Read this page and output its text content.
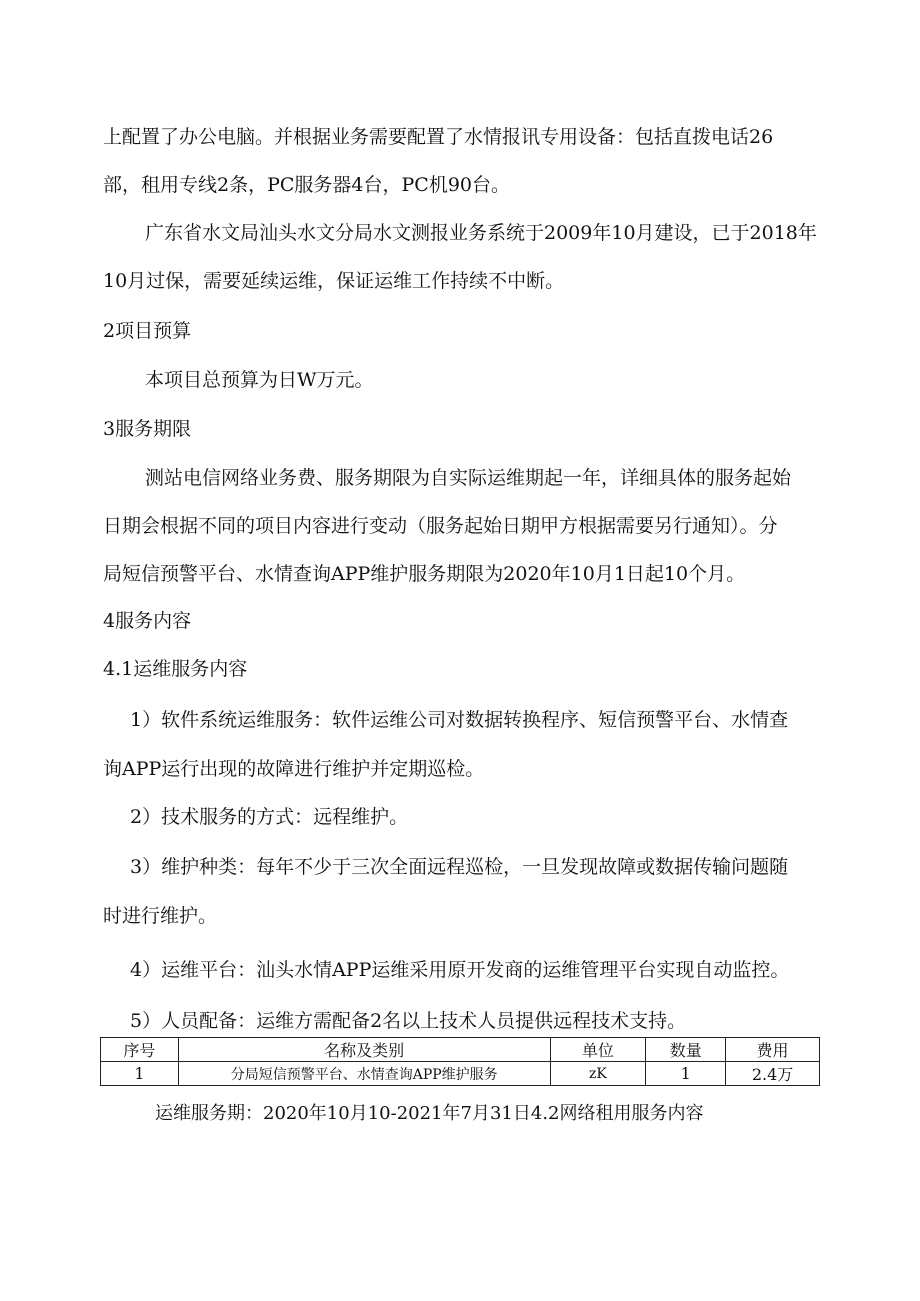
上配置了办公电脑。并根据业务需要配置了水情报讯专用设备：包括直拨电话26

部，租用专线2条，PC服务器4台，PC机90台。

广东省水文局汕头水文分局水文测报业务系统于2009年10月建设，已于2018年

10月过保，需要延续运维，保证运维工作持续不中断。

2项目预算

本项目总预算为日W万元。

3服务期限

测站电信网络业务费、服务期限为自实际运维期起一年，详细具体的服务起始

日期会根据不同的项目内容进行变动（服务起始日期甲方根据需要另行通知）。分

局短信预警平台、水情查询APP维护服务期限为2020年10月1日起10个月。

4服务内容

4.1运维服务内容

1）软件系统运维服务：软件运维公司对数据转换程序、短信预警平台、水情查

询APP运行出现的故障进行维护并定期巡检。

2）技术服务的方式：远程维护。

3）维护种类：每年不少于三次全面远程巡检，一旦发现故障或数据传输问题随

时进行维护。

4）运维平台：汕头水情APP运维采用原开发商的运维管理平台实现自动监控。

5）人员配备：运维方需配备2名以上技术人员提供远程技术支持。

序号	名称及类别	单位	数量	费用
1	分局短信预警平台、水情查询APP维护服务	zK	1	2.4万

运维服务期：2020年10月10-2021年7月31日4.2网络租用服务内容
